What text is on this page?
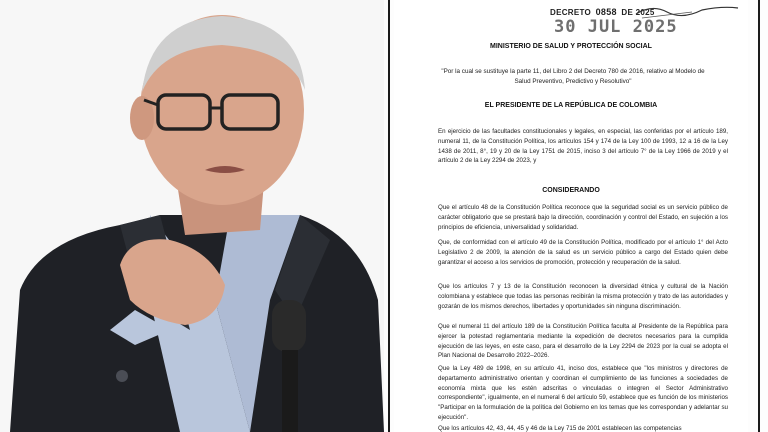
DECRETO 0858 DE 2025
30 JUL 2025
MINISTERIO DE SALUD Y PROTECCIÓN SOCIAL
"Por la cual se sustituye la parte 11, del Libro 2 del Decreto 780 de 2016, relativo al Modelo de Salud Preventivo, Predictivo y Resolutivo"
EL PRESIDENTE DE LA REPÚBLICA DE COLOMBIA
En ejercicio de las facultades constitucionales y legales, en especial, las conferidas por el artículo 189, numeral 11, de la Constitución Política, los artículos 154 y 174 de la Ley 100 de 1993, 12 a 16 de la Ley 1438 de 2011, 8°, 19 y 20 de la Ley 1751 de 2015, inciso 3 del artículo 7° de la Ley 1966 de 2019 y el artículo 2 de la Ley 2294 de 2023, y
CONSIDERANDO
Que el artículo 48 de la Constitución Política reconoce que la seguridad social es un servicio público de carácter obligatorio que se prestará bajo la dirección, coordinación y control del Estado, en sujeción a los principios de eficiencia, universalidad y solidaridad.
Que, de conformidad con el artículo 49 de la Constitución Política, modificado por el artículo 1° del Acto Legislativo 2 de 2009, la atención de la salud es un servicio público a cargo del Estado quien debe garantizar el acceso a los servicios de promoción, protección y recuperación de la salud.
Que los artículos 7 y 13 de la Constitución reconocen la diversidad étnica y cultural de la Nación colombiana y establece que todas las personas recibirán la misma protección y trato de las autoridades y gozarán de los mismos derechos, libertades y oportunidades sin ninguna discriminación.
Que el numeral 11 del artículo 189 de la Constitución Política faculta al Presidente de la República para ejercer la potestad reglamentaria mediante la expedición de decretos necesarios para la cumplida ejecución de las leyes, en este caso, para el desarrollo de la Ley 2294 de 2023 por la cual se adopta el Plan Nacional de Desarrollo 2022–2026.
Que la Ley 489 de 1998, en su artículo 41, inciso dos, establece que "los ministros y directores de departamento administrativo orientan y coordinan el cumplimiento de las funciones a sociedades de economía mixta que les estén adscritas o vinculadas o integren el Sector Administrativo correspondiente", igualmente, en el numeral 6 del artículo 59, establece que es función de los ministerios "Participar en la formulación de la política del Gobierno en los temas que les correspondan y adelantar su ejecución".
Que los artículos 42, 43, 44, 45 y 46 de la Ley 715 de 2001 establecen las competencias
